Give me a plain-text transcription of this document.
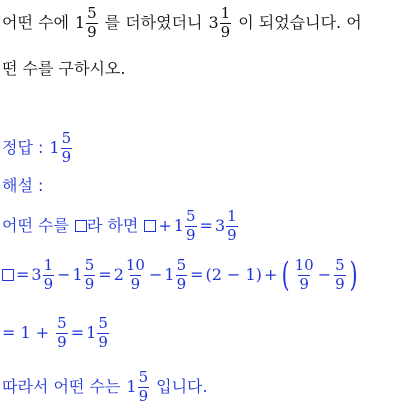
어떤 수에 $1 \frac{5}{9}$ 를 더하였더니 $3 \frac{1}{9}$ 이 되었습니다. 어
떤 수를 구하시오.
정답 : $1 \frac{5}{9}$
해설 :
어떤 수를 라 하면 + $1 \frac{5}{9} = 3 \frac{1}{9}$
= $3 \frac{1}{9} - 1 \frac{5}{9} = 2 \frac{10}{9} - 1 \frac{5}{9} = (2 - 1)$ + ( $\frac{10}{9} - \frac{5}{9}$ )
= $1 + \frac{5}{9} = 1 \frac{5}{9}$
따라서 어떤 수는 $1 \frac{5}{9}$ 입니다.
